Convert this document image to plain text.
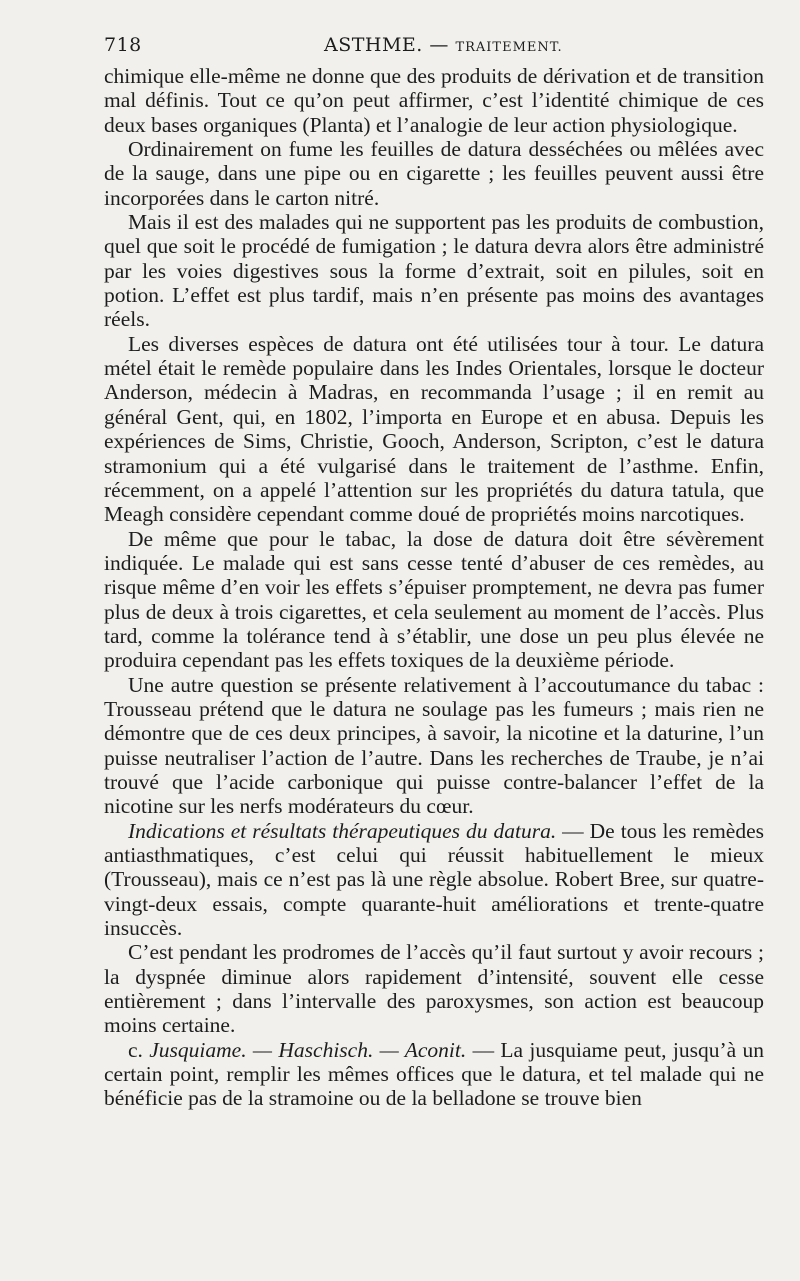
718	ASTHME. — TRAITEMENT.

chimique elle-même ne donne que des produits de dérivation et de transition mal définis. Tout ce qu’on peut affirmer, c’est l’identité chimique de ces deux bases organiques (Planta) et l’analogie de leur action physiologique.

Ordinairement on fume les feuilles de datura desséchées ou mêlées avec de la sauge, dans une pipe ou en cigarette ; les feuilles peuvent aussi être incorporées dans le carton nitré.

Mais il est des malades qui ne supportent pas les produits de combustion, quel que soit le procédé de fumigation ; le datura devra alors être administré par les voies digestives sous la forme d’extrait, soit en pilules, soit en potion. L’effet est plus tardif, mais n’en présente pas moins des avantages réels.

Les diverses espèces de datura ont été utilisées tour à tour. Le datura métel était le remède populaire dans les Indes Orientales, lorsque le docteur Anderson, médecin à Madras, en recommanda l’usage ; il en remit au général Gent, qui, en 1802, l’importa en Europe et en abusa. Depuis les expériences de Sims, Christie, Gooch, Anderson, Scripton, c’est le datura stramonium qui a été vulgarisé dans le traitement de l’asthme. Enfin, récemment, on a appelé l’attention sur les propriétés du datura tatula, que Meagh considère cependant comme doué de propriétés moins narcotiques.

De même que pour le tabac, la dose de datura doit être sévèrement indiquée. Le malade qui est sans cesse tenté d’abuser de ces remèdes, au risque même d’en voir les effets s’épuiser promptement, ne devra pas fumer plus de deux à trois cigarettes, et cela seulement au moment de l’accès. Plus tard, comme la tolérance tend à s’établir, une dose un peu plus élevée ne produira cependant pas les effets toxiques de la deuxième période.

Une autre question se présente relativement à l’accoutumance du tabac : Trousseau prétend que le datura ne soulage pas les fumeurs ; mais rien ne démontre que de ces deux principes, à savoir, la nicotine et la daturine, l’un puisse neutraliser l’action de l’autre. Dans les recherches de Traube, je n’ai trouvé que l’acide carbonique qui puisse contre-balancer l’effet de la nicotine sur les nerfs modérateurs du cœur.

Indications et résultats thérapeutiques du datura. — De tous les remèdes antiasthmatiques, c’est celui qui réussit habituellement le mieux (Trousseau), mais ce n’est pas là une règle absolue. Robert Bree, sur quatre-vingt-deux essais, compte quarante-huit améliorations et trente-quatre insuccès.

C’est pendant les prodromes de l’accès qu’il faut surtout y avoir recours ; la dyspnée diminue alors rapidement d’intensité, souvent elle cesse entièrement ; dans l’intervalle des paroxysmes, son action est beaucoup moins certaine.

c. Jusquiame. — Haschisch. — Aconit. — La jusquiame peut, jusqu’à un certain point, remplir les mêmes offices que le datura, et tel malade qui ne bénéficie pas de la stramoine ou de la belladone se trouve bien
